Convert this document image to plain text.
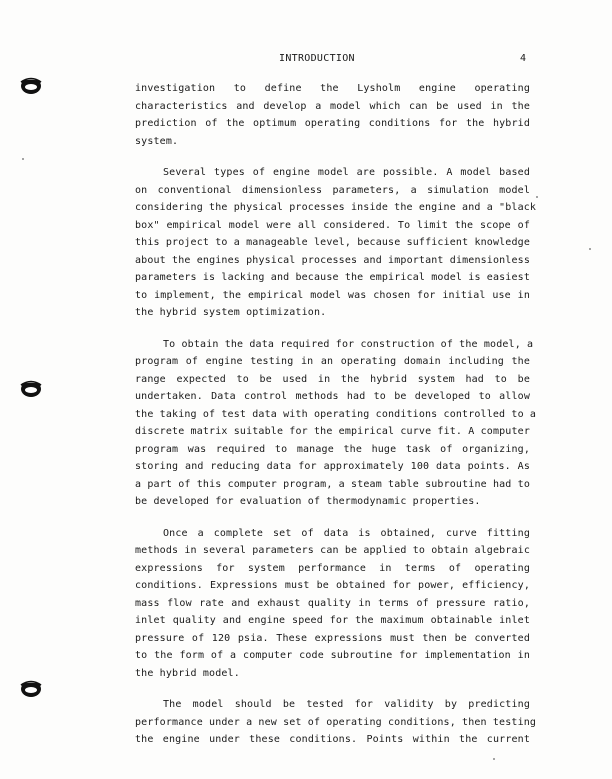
INTRODUCTION	4

investigation to define the Lysholm engine operating
characteristics and develop a model which can be used in the
prediction of the optimum operating conditions for the hybrid
system.

Several types of engine model are possible. A model based
on conventional dimensionless parameters, a simulation model
considering the physical processes inside the engine and a "black
box" empirical model were all considered. To limit the scope of
this project to a manageable level, because sufficient knowledge
about the engines physical processes and important dimensionless
parameters is lacking and because the empirical model is easiest
to implement, the empirical model was chosen for initial use in
the hybrid system optimization.

To obtain the data required for construction of the model, a
program of engine testing in an operating domain including the
range expected to be used in the hybrid system had to be
undertaken. Data control methods had to be developed to allow
the taking of test data with operating conditions controlled to a
discrete matrix suitable for the empirical curve fit. A computer
program was required to manage the huge task of organizing,
storing and reducing data for approximately 100 data points. As
a part of this computer program, a steam table subroutine had to
be developed for evaluation of thermodynamic properties.

Once a complete set of data is obtained, curve fitting
methods in several parameters can be applied to obtain algebraic
expressions for system performance in terms of operating
conditions. Expressions must be obtained for power, efficiency,
mass flow rate and exhaust quality in terms of pressure ratio,
inlet quality and engine speed for the maximum obtainable inlet
pressure of 120 psia. These expressions must then be converted
to the form of a computer code subroutine for implementation in
the hybrid model.

The model should be tested for validity by predicting
performance under a new set of operating conditions, then testing
the engine under these conditions. Points within the current
